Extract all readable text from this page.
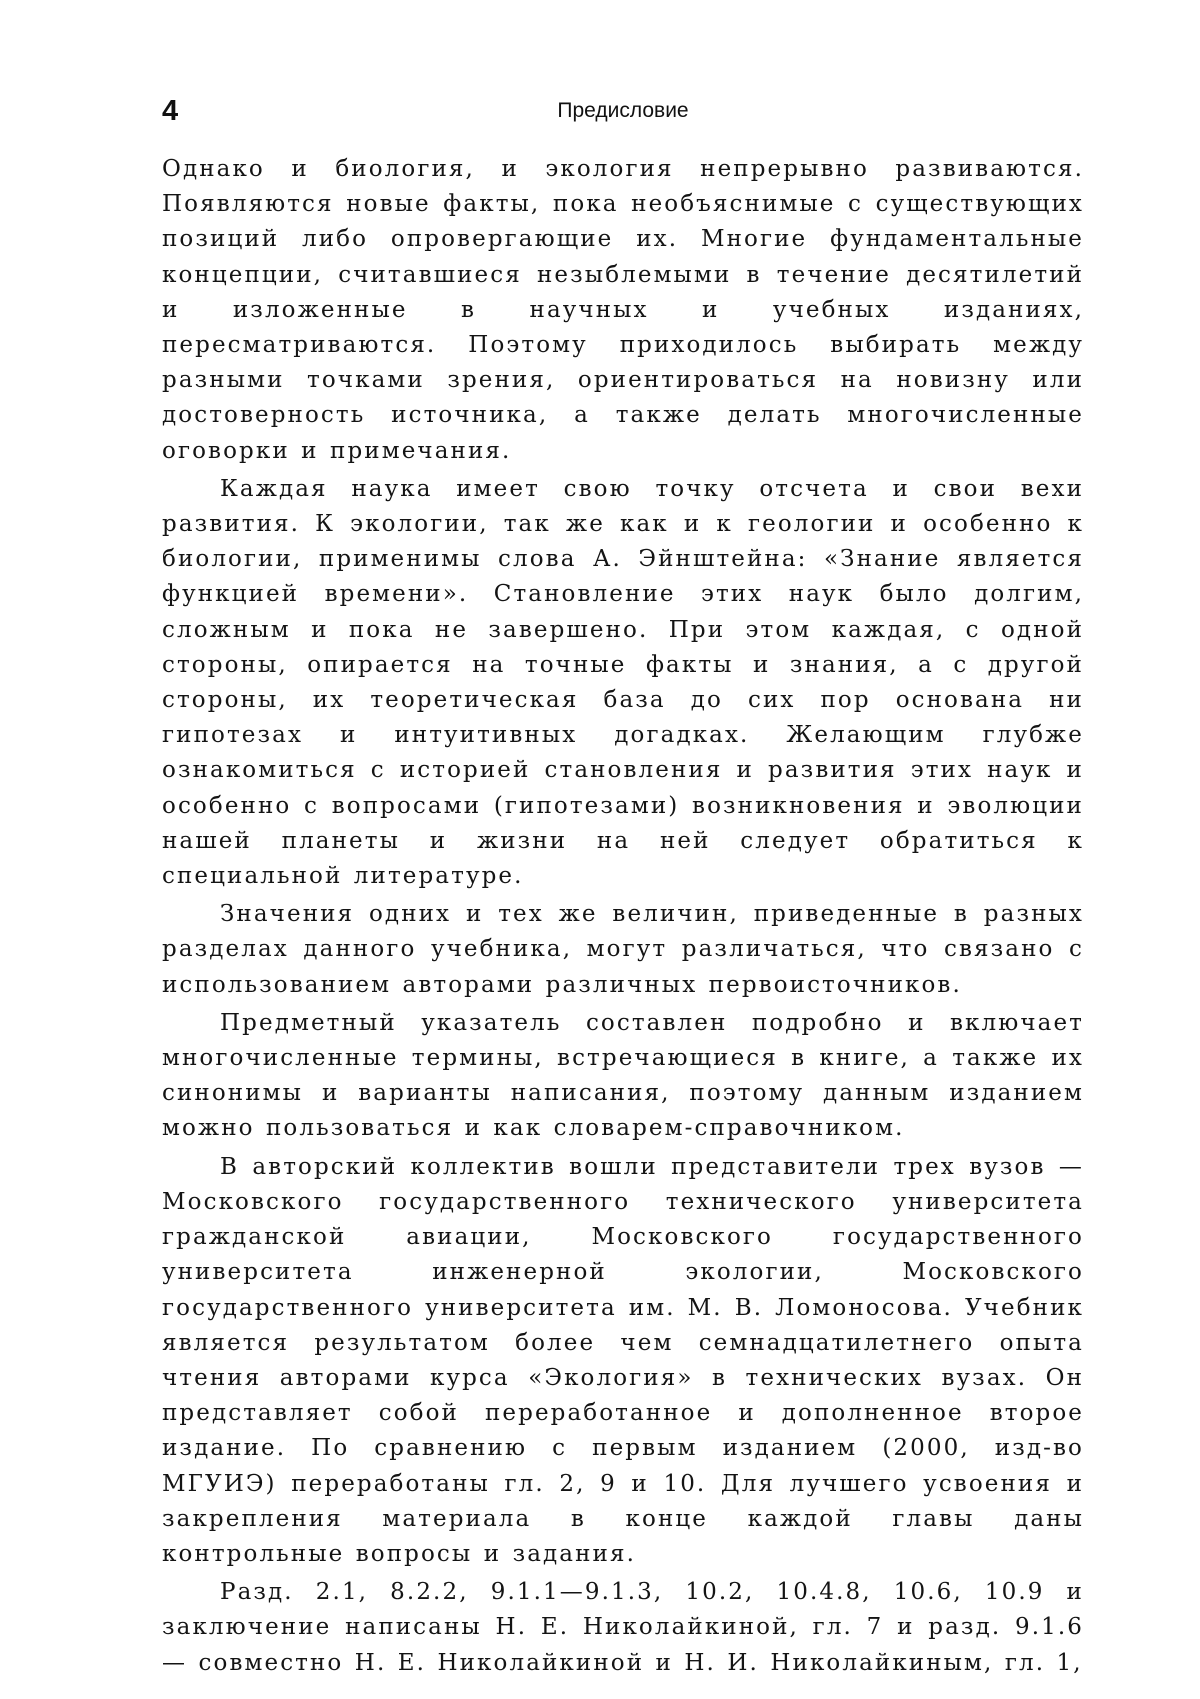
4	Предисловие

Однако и биология, и экология непрерывно развиваются. Появляются новые факты, пока необъяснимые с существующих позиций либо опровергающие их. Многие фундаментальные концепции, считавшиеся незыблемыми в течение десятилетий и изложенные в научных и учебных изданиях, пересматриваются. Поэтому приходилось выбирать между разными точками зрения, ориентироваться на новизну или достоверность источника, а также делать многочисленные оговорки и примечания.

Каждая наука имеет свою точку отсчета и свои вехи развития. К экологии, так же как и к геологии и особенно к биологии, применимы слова А. Эйнштейна: «Знание является функцией времени». Становление этих наук было долгим, сложным и пока не завершено. При этом каждая, с одной стороны, опирается на точные факты и знания, а с другой стороны, их теоретическая база до сих пор основана ни гипотезах и интуитивных догадках. Желающим глубже ознакомиться с историей становления и развития этих наук и особенно с вопросами (гипотезами) возникновения и эволюции нашей планеты и жизни на ней следует обратиться к специальной литературе.

Значения одних и тех же величин, приведенные в разных разделах данного учебника, могут различаться, что связано с использованием авторами различных первоисточников.

Предметный указатель составлен подробно и включает многочисленные термины, встречающиеся в книге, а также их синонимы и варианты написания, поэтому данным изданием можно пользоваться и как словарем-справочником.

В авторский коллектив вошли представители трех вузов — Московского государственного технического университета гражданской авиации, Московского государственного университета инженерной экологии, Московского государственного университета им. М. В. Ломоносова. Учебник является результатом более чем семнадцатилетнего опыта чтения авторами курса «Экология» в технических вузах. Он представляет собой переработанное и дополненное второе издание. По сравнению с первым изданием (2000, изд-во МГУИЭ) переработаны гл. 2, 9 и 10. Для лучшего усвоения и закрепления материала в конце каждой главы даны контрольные вопросы и задания.

Разд. 2.1, 8.2.2, 9.1.1—9.1.3, 10.2, 10.4.8, 10.6, 10.9 и заключение написаны Н. Е. Николайкиной, гл. 7 и разд. 9.1.6 — совместно Н. Е. Николайкиной и Н. И. Николайкиным, гл. 1,
